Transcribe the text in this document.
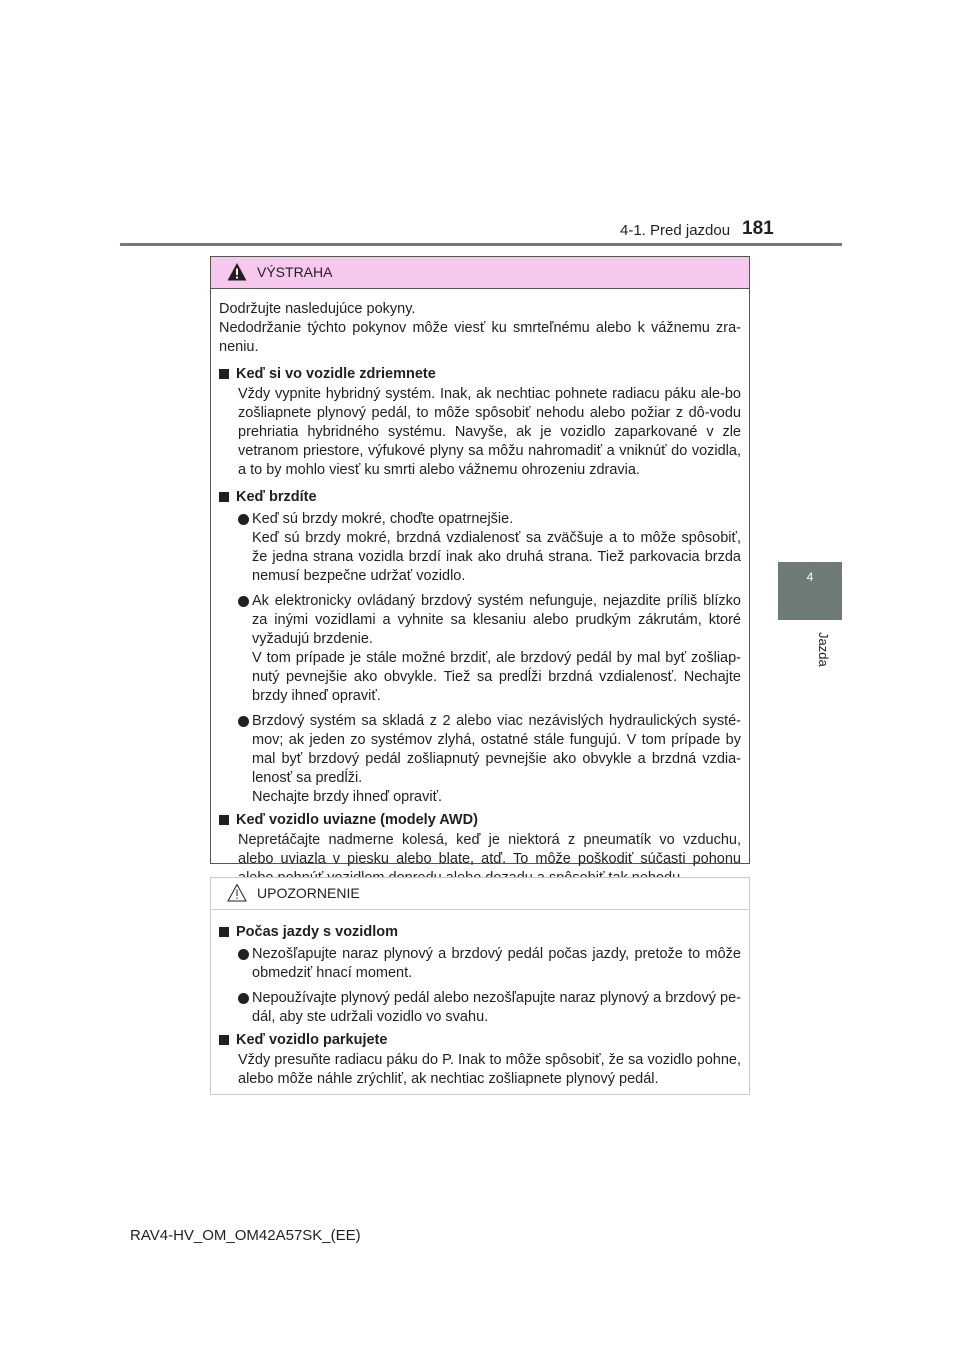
4-1. Pred jazdou 181
4
Jazda
VÝSTRAHA

Dodržujte nasledujúce pokyny.

Nedodržanie týchto pokynov môže viesť ku smrteľnému alebo k vážnemu zra-neniu.

Keď si vo vozidle zdriemnete

Vždy vypnite hybridný systém. Inak, ak nechtiac pohnete radiacu páku ale-bo zošliapnete plynový pedál, to môže spôsobiť nehodu alebo požiar z dô-vodu prehriatia hybridného systému. Navyše, ak je vozidlo zaparkované v zle vetranom priestore, výfukové plyny sa môžu nahromadiť a vniknúť do vozidla, a to by mohlo viesť ku smrti alebo vážnemu ohrozeniu zdravia.

Keď brzdíte
Keď sú brzdy mokré, choďte opatrnejšie.
Keď sú brzdy mokré, brzdná vzdialenosť sa zväčšuje a to môže spôsobiť, že jedna strana vozidla brzdí inak ako druhá strana. Tiež parkovacia brzda nemusí bezpečne udržať vozidlo.
Ak elektronicky ovládaný brzdový systém nefunguje, nejazdite príliš blízko za inými vozidlami a vyhnite sa klesaniu alebo prudkým zákrutám, ktoré vyžadujú brzdenie.
V tom prípade je stále možné brzdiť, ale brzdový pedál by mal byť zošliap-nutý pevnejšie ako obvykle. Tiež sa predĺži brzdná vzdialenosť. Nechajte brzdy ihneď opraviť.
Brzdový systém sa skladá z 2 alebo viac nezávislých hydraulických systé-mov; ak jeden zo systémov zlyhá, ostatné stále fungujú. V tom prípade by mal byť brzdový pedál zošliapnutý pevnejšie ako obvykle a brzdná vzdia-lenosť sa predĺži.
Nechajte brzdy ihneď opraviť.
Keď vozidlo uviazne (modely AWD)

Nepretáčajte nadmerne kolesá, keď je niektorá z pneumatík vo vzduchu, alebo uviazla v piesku alebo blate, atď. To môže poškodiť súčasti pohonu

UPOZORNENIE
Počas jazdy s vozidlom
Nezošľapujte naraz plynový a brzdový pedál počas jazdy, pretože to môže obmedziť hnací moment.
Nepoužívajte plynový pedál alebo nezošľapujte naraz plynový a brzdový pe-dál, aby ste udržali vozidlo vo svahu.
Keď vozidlo parkujete

Vždy presuňte radiacu páku do P. Inak to môže spôsobiť, že sa vozidlo pohne, alebo môže náhle zrýchliť, ak nechtiac zošliapnete plynový pedál.

RAV4-HV_OM_OM42A57SK_(EE)
